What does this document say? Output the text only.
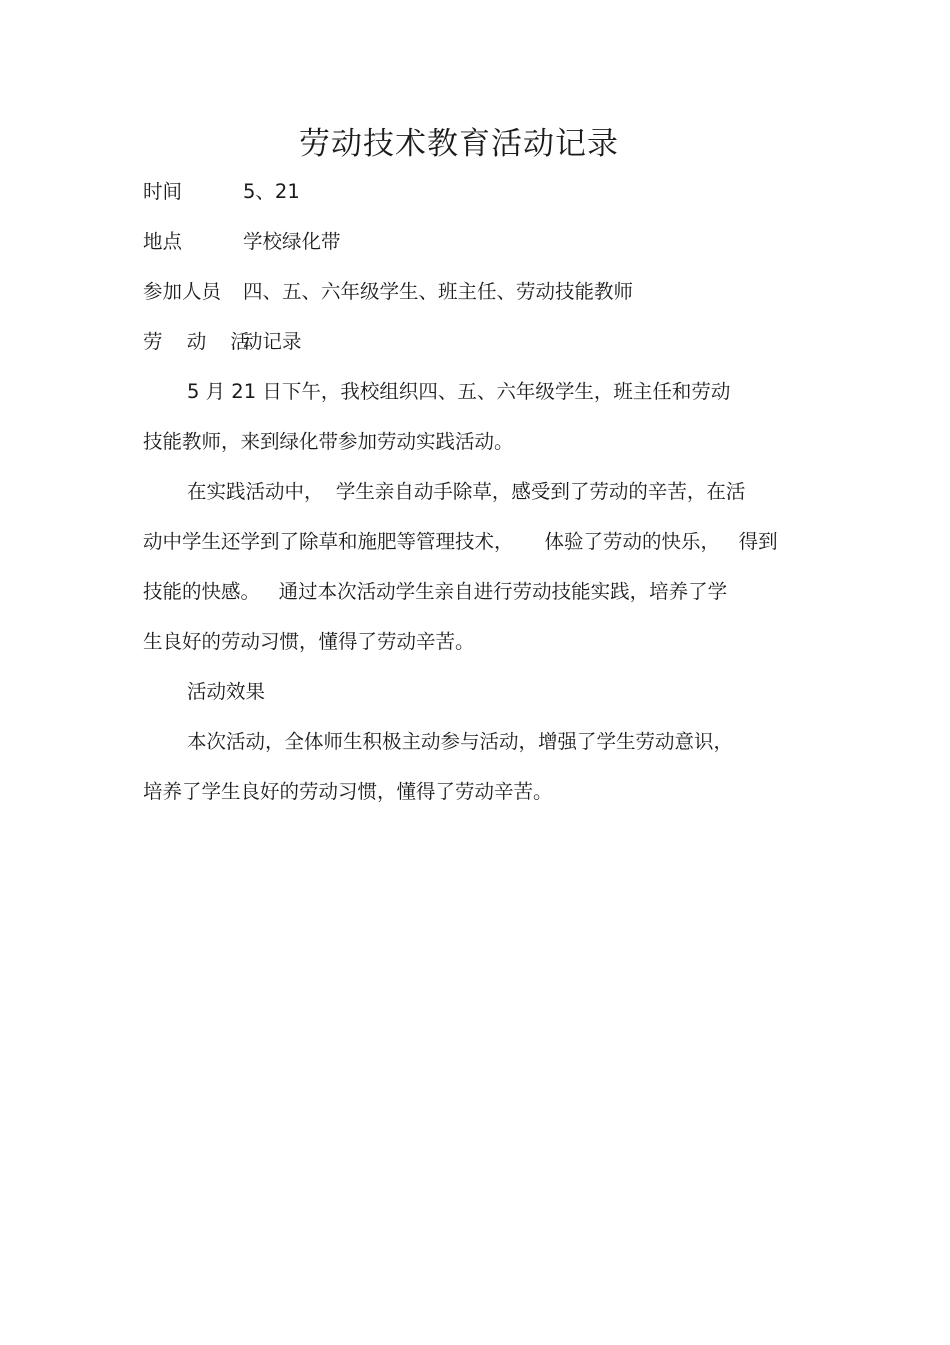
劳动技术教育活动记录
时间	5、21
地点	学校绿化带
参加人员 四、五、六年级学生、班主任、劳动技能教师
劳 动 活动记录
5 月 21 日下午，我校组织四、五、六年级学生，班主任和劳动
技能教师，来到绿化带参加劳动实践活动。
在实践活动中，  学生亲自动手除草，感受到了劳动的辛苦，在活
动中学生还学到了除草和施肥等管理技术，     体验了劳动的快乐，   得到
技能的快感。   通过本次活动学生亲自进行劳动技能实践，培养了学
生良好的劳动习惯，懂得了劳动辛苦。
活动效果
本次活动，全体师生积极主动参与活动，增强了学生劳动意识，
培养了学生良好的劳动习惯，懂得了劳动辛苦。
